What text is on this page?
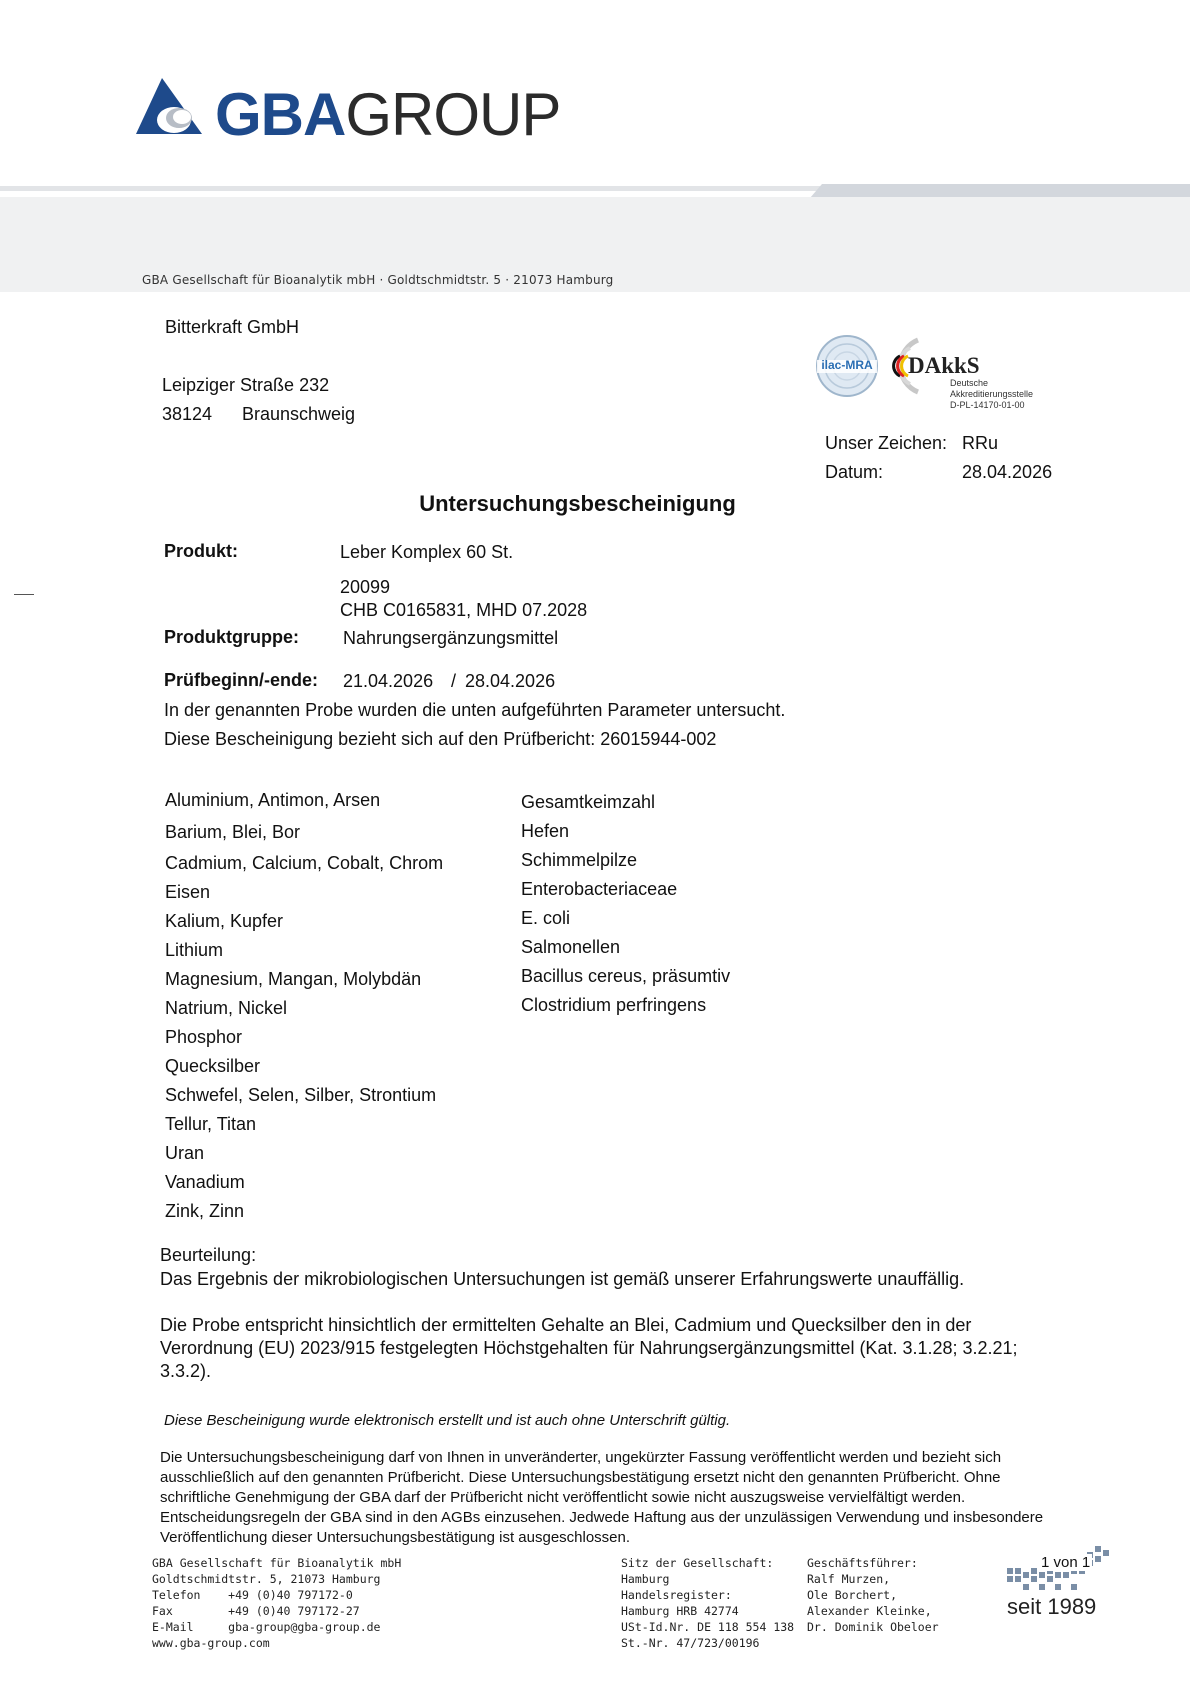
GBAGROUP
GBA Gesellschaft für Bioanalytik mbH · Goldtschmidtstr. 5 · 21073 Hamburg
Bitterkraft GmbH
Leipziger Straße 232
38124 Braunschweig
ilac-MRA DAkkS
Deutsche
Akkreditierungsstelle
D-PL-14170-01-00
Unser Zeichen: RRu
Datum:	28.04.2026
Untersuchungsbescheinigung
Produkt:	Leber Komplex 60 St.
20099
CHB C0165831, MHD 07.2028
Produktgruppe: Nahrungsergänzungsmittel
Prüfbeginn/-ende: 21.04.2026 / 28.04.2026
In der genannten Probe wurden die unten aufgeführten Parameter untersucht.
Diese Bescheinigung bezieht sich auf den Prüfbericht: 26015944-002
Aluminium, Antimon, Arsen
Barium, Blei, Bor
Cadmium, Calcium, Cobalt, Chrom
Eisen
Kalium, Kupfer
Lithium
Magnesium, Mangan, Molybdän
Natrium, Nickel
Phosphor
Quecksilber
Schwefel, Selen, Silber, Strontium
Tellur, Titan
Uran
Vanadium
Zink, Zinn
Gesamtkeimzahl
Hefen
Schimmelpilze
Enterobacteriaceae
E. coli
Salmonellen
Bacillus cereus, präsumtiv
Clostridium perfringens
Beurteilung:
Das Ergebnis der mikrobiologischen Untersuchungen ist gemäß unserer Erfahrungswerte unauffällig.
Die Probe entspricht hinsichtlich der ermittelten Gehalte an Blei, Cadmium und Quecksilber den in der
Verordnung (EU) 2023/915 festgelegten Höchstgehalten für Nahrungsergänzungsmittel (Kat. 3.1.28; 3.2.21;
3.3.2).
Diese Bescheinigung wurde elektronisch erstellt und ist auch ohne Unterschrift gültig.
Die Untersuchungsbescheinigung darf von Ihnen in unveränderter, ungekürzter Fassung veröffentlicht werden und bezieht sich
ausschließlich auf den genannten Prüfbericht. Diese Untersuchungsbestätigung ersetzt nicht den genannten Prüfbericht. Ohne
schriftliche Genehmigung der GBA darf der Prüfbericht nicht veröffentlicht sowie nicht auszugsweise vervielfältigt werden.
Entscheidungsregeln der GBA sind in den AGBs einzusehen. Jedwede Haftung aus der unzulässigen Verwendung und insbesondere
Veröffentlichung dieser Untersuchungsbestätigung ist ausgeschlossen.
GBA Gesellschaft für Bioanalytik mbH
Goldtschmidtstr. 5, 21073 Hamburg
Telefon    +49 (0)40 797172-0
Fax        +49 (0)40 797172-27
E-Mail     gba-group@gba-group.de
www.gba-group.com
Sitz der Gesellschaft:
Hamburg
Handelsregister:
Hamburg HRB 42774
USt-Id.Nr. DE 118 554 138
St.-Nr. 47/723/00196
Geschäftsführer:
Ralf Murzen,
Ole Borchert,
Alexander Kleinke,
Dr. Dominik Obeloer
1 von 1
seit 1989
